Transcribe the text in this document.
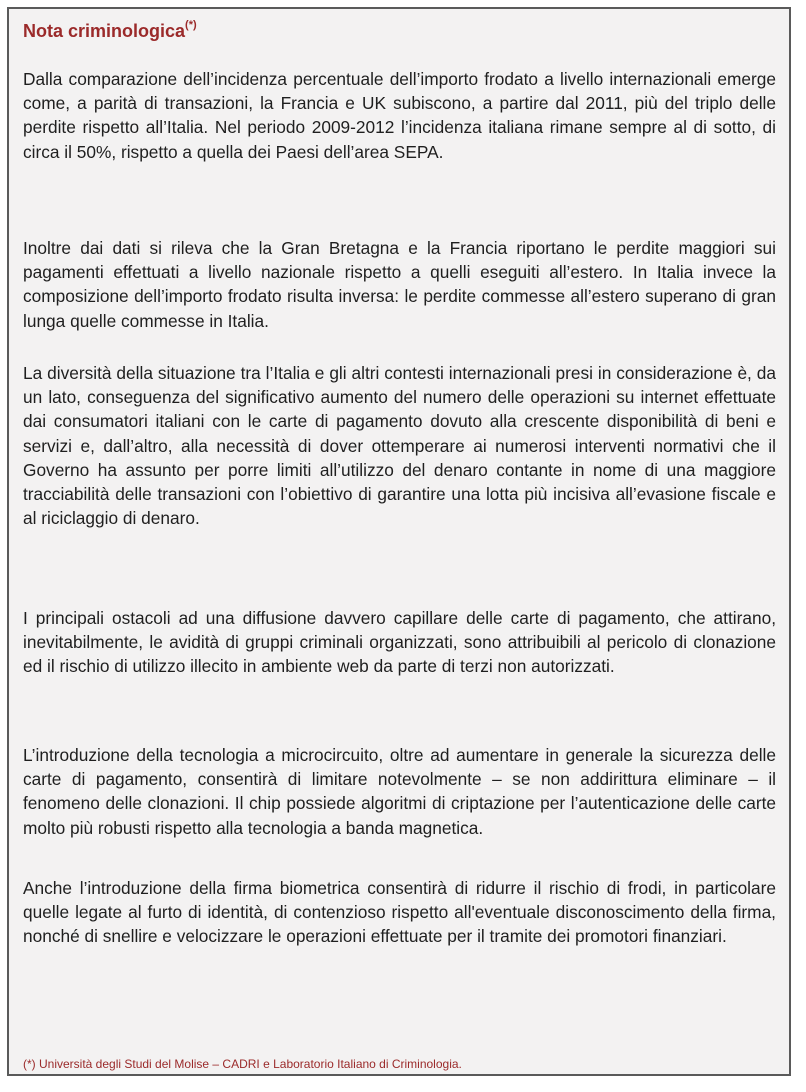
Nota criminologica(*)

Dalla comparazione dell’incidenza percentuale dell’importo frodato a livello internazionali emerge come, a parità di transazioni, la Francia e UK subiscono, a partire dal 2011, più del triplo delle perdite rispetto all’Italia. Nel periodo 2009-2012 l’incidenza italiana rimane sempre al di sotto, di circa il 50%, rispetto a quella dei Paesi dell’area SEPA.

Inoltre dai dati si rileva che la Gran Bretagna e la Francia riportano le perdite maggiori sui pagamenti effettuati a livello nazionale rispetto a quelli eseguiti all’estero. In Italia invece la composizione dell’importo frodato risulta inversa: le perdite commesse all’estero superano di gran lunga quelle commesse in Italia.

La diversità della situazione tra l’Italia e gli altri contesti internazionali presi in considerazione è, da un lato, conseguenza del significativo aumento del numero delle operazioni su internet effettuate dai consumatori italiani con le carte di pagamento dovuto alla crescente disponibilità di beni e servizi e, dall’altro, alla necessità di dover ottemperare ai numerosi interventi normativi che il Governo ha assunto per porre limiti all’utilizzo del denaro contante in nome di una maggiore tracciabilità delle transazioni con l’obiettivo di garantire una lotta più incisiva all’evasione fiscale e al riciclaggio di denaro.

I principali ostacoli ad una diffusione davvero capillare delle carte di pagamento, che attirano, inevitabilmente, le avidità di gruppi criminali organizzati, sono attribuibili al pericolo di clonazione ed il rischio di utilizzo illecito in ambiente web da parte di terzi non autorizzati.

L’introduzione della tecnologia a microcircuito, oltre ad aumentare in generale la sicurezza delle carte di pagamento, consentirà di limitare notevolmente – se non addirittura eliminare – il fenomeno delle clonazioni. Il chip possiede algoritmi di criptazione per l’autenticazione delle carte molto più robusti rispetto alla tecnologia a banda magnetica.

Anche l’introduzione della firma biometrica consentirà di ridurre il rischio di frodi, in particolare quelle legate al furto di identità, di contenzioso rispetto all'eventuale disconoscimento della firma, nonché di snellire e velocizzare le operazioni effettuate per il tramite dei promotori finanziari.

(*) Università degli Studi del Molise – CADRI e Laboratorio Italiano di Criminologia.
